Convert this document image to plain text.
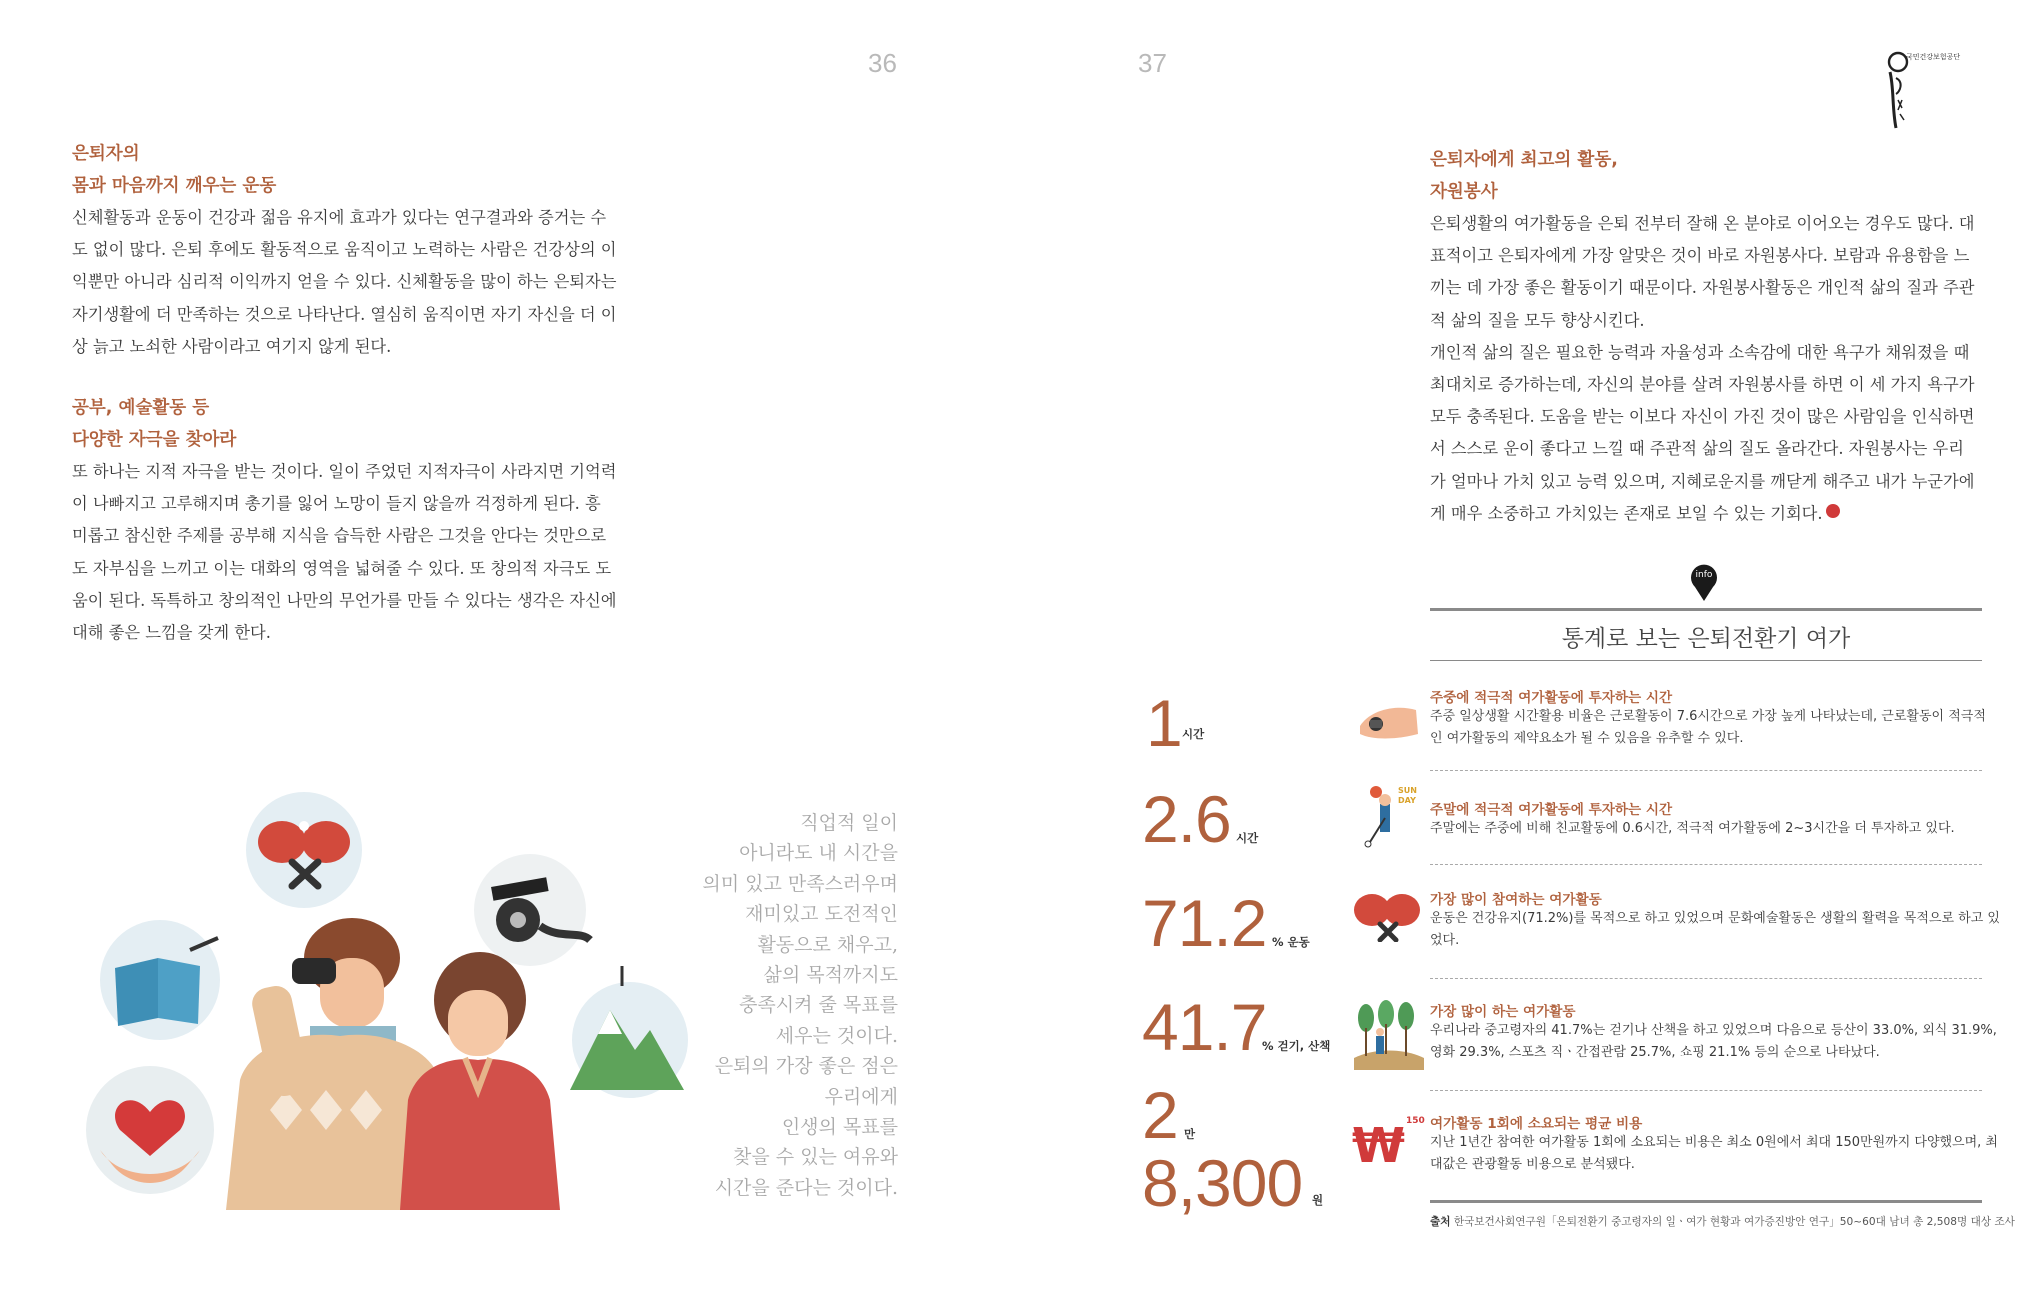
36	37	국민건강보험공단
은퇴자의
몸과 마음까지 깨우는 운동
신체활동과 운동이 건강과 젊음 유지에 효과가 있다는 연구결과와 증거는 수
도 없이 많다. 은퇴 후에도 활동적으로 움직이고 노력하는 사람은 건강상의 이
익뿐만 아니라 심리적 이익까지 얻을 수 있다. 신체활동을 많이 하는 은퇴자는
자기생활에 더 만족하는 것으로 나타난다. 열심히 움직이면 자기 자신을 더 이
상 늙고 노쇠한 사람이라고 여기지 않게 된다.
공부, 예술활동 등
다양한 자극을 찾아라
또 하나는 지적 자극을 받는 것이다. 일이 주었던 지적자극이 사라지면 기억력
이 나빠지고 고루해지며 총기를 잃어 노망이 들지 않을까 걱정하게 된다. 흥
미롭고 참신한 주제를 공부해 지식을 습득한 사람은 그것을 안다는 것만으로
도 자부심을 느끼고 이는 대화의 영역을 넓혀줄 수 있다. 또 창의적 자극도 도
움이 된다. 독특하고 창의적인 나만의 무언가를 만들 수 있다는 생각은 자신에
대해 좋은 느낌을 갖게 한다.
직업적 일이
아니라도 내 시간을
의미 있고 만족스러우며
재미있고 도전적인
활동으로 채우고,
삶의 목적까지도
충족시켜 줄 목표를
세우는 것이다.
은퇴의 가장 좋은 점은
우리에게
인생의 목표를
찾을 수 있는 여유와
시간을 준다는 것이다.
은퇴자에게 최고의 활동,
자원봉사
은퇴생활의 여가활동을 은퇴 전부터 잘해 온 분야로 이어오는 경우도 많다. 대
표적이고 은퇴자에게 가장 알맞은 것이 바로 자원봉사다. 보람과 유용함을 느
끼는 데 가장 좋은 활동이기 때문이다. 자원봉사활동은 개인적 삶의 질과 주관
적 삶의 질을 모두 향상시킨다.
개인적 삶의 질은 필요한 능력과 자율성과 소속감에 대한 욕구가 채워졌을 때
최대치로 증가하는데, 자신의 분야를 살려 자원봉사를 하면 이 세 가지 욕구가
모두 충족된다. 도움을 받는 이보다 자신이 가진 것이 많은 사람임을 인식하면
서 스스로 운이 좋다고 느낄 때 주관적 삶의 질도 올라간다. 자원봉사는 우리
가 얼마나 가치 있고 능력 있으며, 지혜로운지를 깨닫게 해주고 내가 누군가에
게 매우 소중하고 가치있는 존재로 보일 수 있는 기회다.
info
통계로 보는 은퇴전환기 여가
1 시간
주중에 적극적 여가활동에 투자하는 시간
주중 일상생활 시간활용 비율은 근로활동이 7.6시간으로 가장 높게 나타났는데, 근로활동이 적극적
인 여가활동의 제약요소가 될 수 있음을 유추할 수 있다.
2.6 시간
SUN DAY
주말에 적극적 여가활동에 투자하는 시간
주말에는 주중에 비해 친교활동에 0.6시간, 적극적 여가활동에 2~3시간을 더 투자하고 있다.
71.2 % 운동
가장 많이 참여하는 여가활동
운동은 건강유지(71.2%)를 목적으로 하고 있었으며 문화예술활동은 생활의 활력을 목적으로 하고 있
었다.
41.7
% 걷기, 산책
가장 많이 하는 여가활동
우리나라 중고령자의 41.7%는 걷기나 산책을 하고 있었으며 다음으로 등산이 33.0%, 외식 31.9%,
영화 29.3%, 스포츠 직ㆍ간접관람 25.7%, 쇼핑 21.1% 등의 순으로 나타났다.
2 만
8,300 원
₩ 150 여가활동 1회에 소요되는 평균 비용
지난 1년간 참여한 여가활동 1회에 소요되는 비용은 최소 0원에서 최대 150만원까지 다양했으며, 최
대값은 관광활동 비용으로 분석됐다.
출처 한국보건사회연구원「은퇴전환기 중고령자의 일ㆍ여가 현황과 여가증진방안 연구」50~60대 남녀 총 2,508명 대상 조사
